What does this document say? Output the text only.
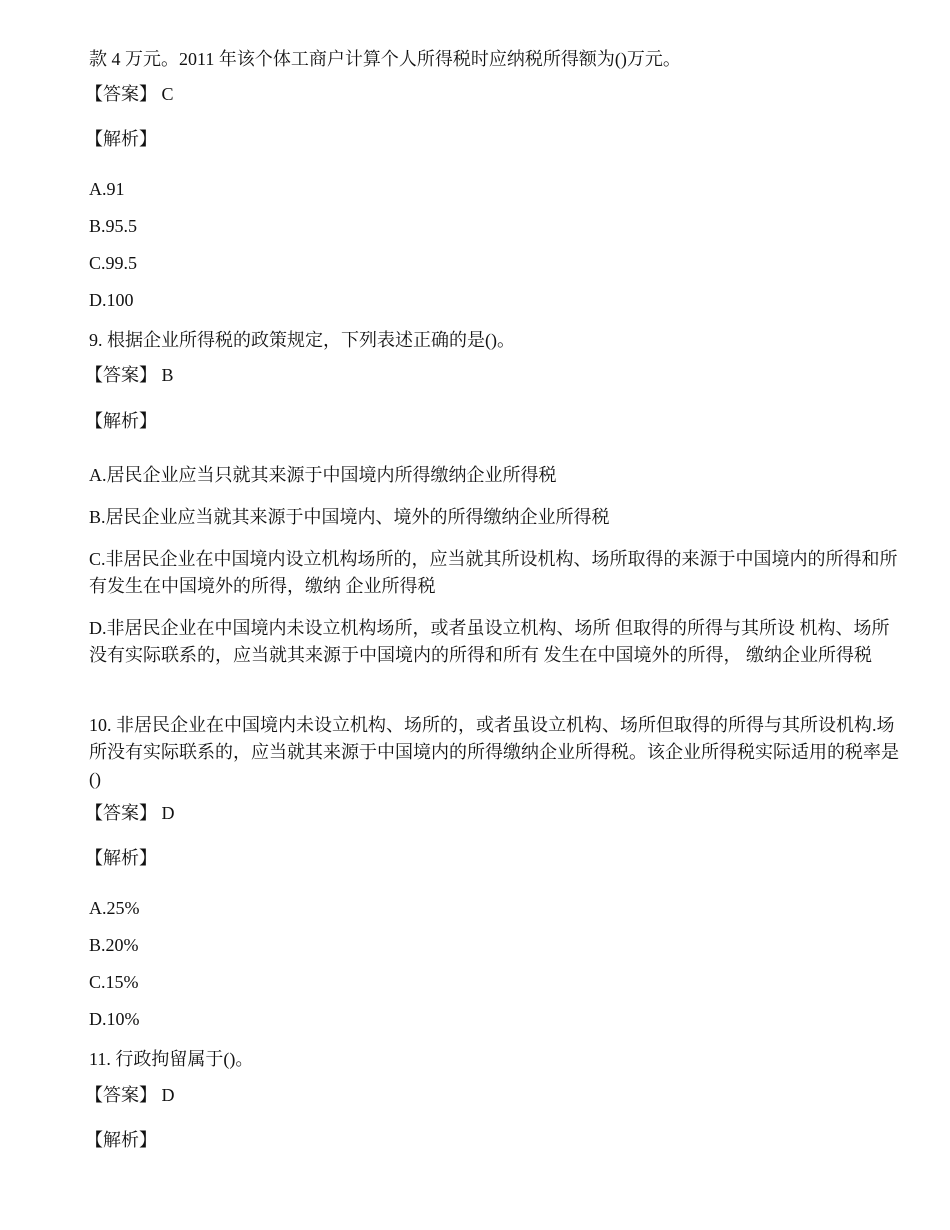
款 4 万元。2011 年该个体工商户计算个人所得税时应纳税所得额为()万元。

【答案】 C

【解析】

A.91

B.95.5

C.99.5

D.100

9. 根据企业所得税的政策规定，下列表述正确的是()。

【答案】 B

【解析】

A.居民企业应当只就其来源于中国境内所得缴纳企业所得税

B.居民企业应当就其来源于中国境内、境外的所得缴纳企业所得税

C.非居民企业在中国境内设立机构场所的，应当就其所设机构、场所取得的来源于中国境内的所得和所有发生在中国境外的所得，缴纳 企业所得税

D.非居民企业在中国境内未设立机构场所，或者虽设立机构、场所 但取得的所得与其所设 机构、场所没有实际联系的，应当就其来源于中国境内的所得和所有 发生在中国境外的所得， 缴纳企业所得税

10. 非居民企业在中国境内未设立机构、场所的，或者虽设立机构、场所但取得的所得与其所设机构.场所没有实际联系的，应当就其来源于中国境内的所得缴纳企业所得税。该企业所得税实际适用的税率是()

【答案】 D

【解析】

A.25%

B.20%

C.15%

D.10%

11. 行政拘留属于()。

【答案】 D

【解析】
